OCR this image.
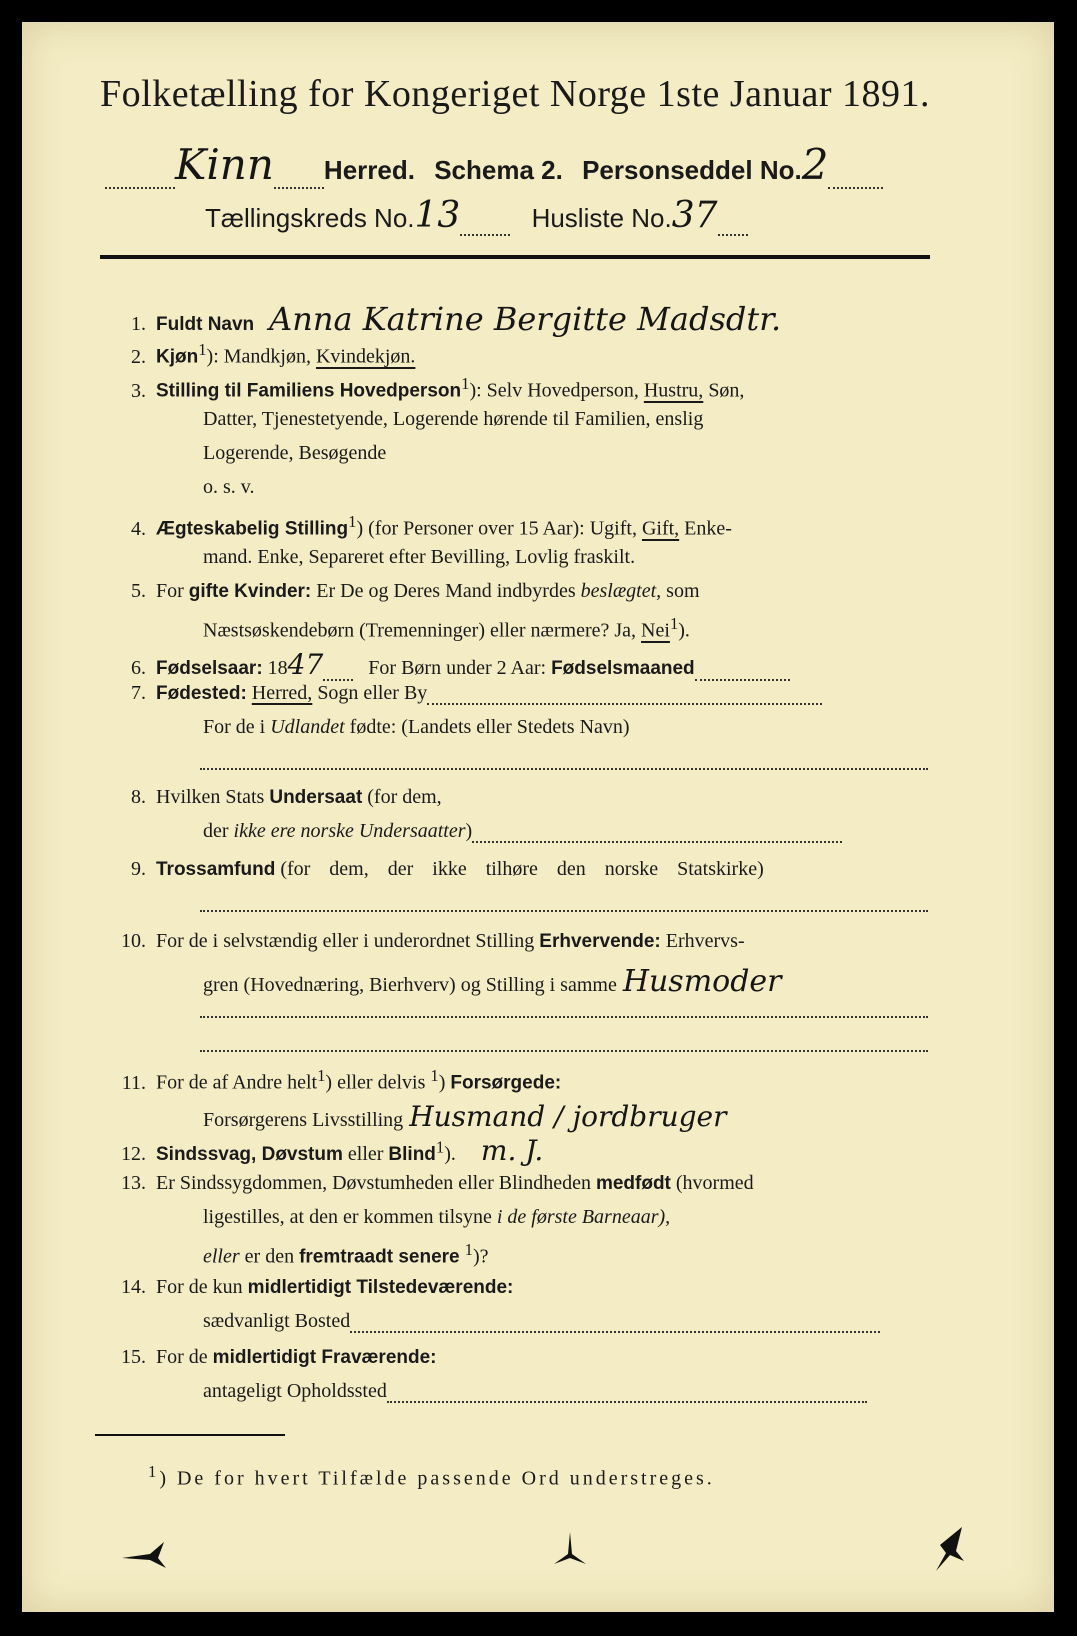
Folketælling for Kongeriget Norge 1ste Januar 1891.
Kinn Herred. Schema 2. Personseddel No.2
Tællingskreds No.13	Husliste No.37
1. Fuldt Navn Anna Katrine Bergitte Madsdtr.
2. Kjøn$^1$): Mandkjøn, Kvindekjøn.
3. Stilling til Familiens Hovedperson$^1$): Selv Hovedperson, Hustru, Søn,
Datter, Tjenestetyende, Logerende hørende til Familien, enslig
Logerende, Besøgende
o. s. v.
4. Ægteskabelig Stilling$^1$) (for Personer over 15 Aar): Ugift, Gift, Enke-
mand. Enke, Separeret efter Bevilling, Lovlig fraskilt.
5. For gifte Kvinder: Er De og Deres Mand indbyrdes beslægtet, som
Næstsøskendebørn (Tremenninger) eller nærmere? Ja, Nei$^1$).
6. Fødselsaar: 1847 For Børn under 2 Aar: Fødselsmaaned
7. Fødested: Herred, Sogn eller By
For de i Udlandet fødte: (Landets eller Stedets Navn)
8. Hvilken Stats Undersaat (for dem,
der ikke ere norske Undersaatter)
9. Trossamfund (for dem, der ikke tilhøre den norske Statskirke)
10. For de i selvstændig eller i underordnet Stilling Erhvervende: Erhvervs-
gren (Hovednæring, Bierhverv) og Stilling i samme Husmoder
11. For de af Andre helt$^1$) eller delvis $^1$) Forsørgede:
Forsørgerens Livsstilling Husmand / jordbruger
12. Sindssvag, Døvstum eller Blind$^1$). m. J.
13. Er Sindssygdommen, Døvstumheden eller Blindheden medfødt (hvormed
ligestilles, at den er kommen tilsyne i de første Barneaar),
eller er den fremtraadt senere $^1$)?
14. For de kun midlertidigt Tilstedeværende:
sædvanligt Bosted
15. For de midlertidigt Fraværende:
antageligt Opholdssted
$^1$) De for hvert Tilfælde passende Ord understreges.
